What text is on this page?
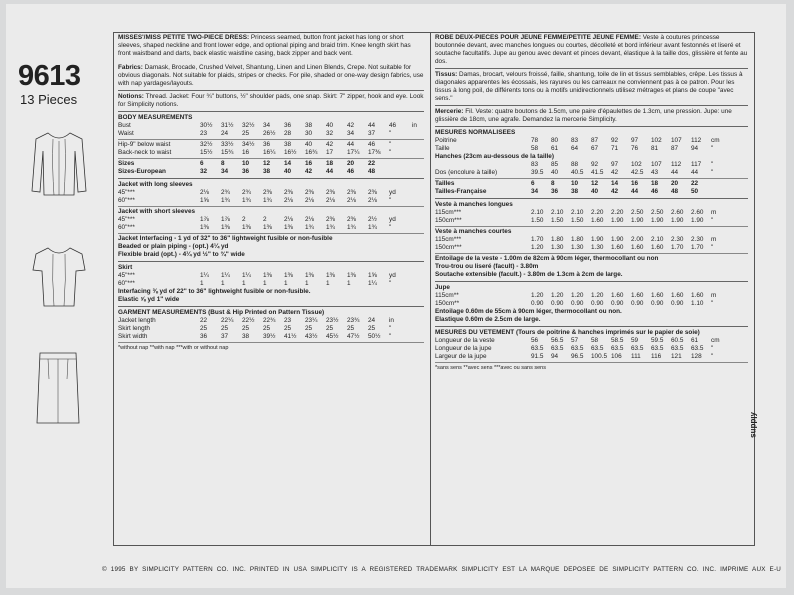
9613
13 Pieces

MISSES'/MISS PETITE TWO-PIECE DRESS: Princess seamed, button front jacket has long or short sleeves, shaped neckline and front lower edge, and optional piping and braid trim. Knee length skirt has front waistband and darts, back elastic waistline casing, back zipper and back vent.

Fabrics: Damask, Brocade, Crushed Velvet, Shantung, Linen and Linen Blends, Crepe. Not suitable for obvious diagonals. Not suitable for plaids, stripes or checks. For pile, shaded or one-way design fabrics, use with nap yardages/layouts.

Notions: Thread. Jacket: Four ¾" buttons, ½" shoulder pads, one snap. Skirt: 7" zipper, hook and eye. Look for Simplicity notions.

BODY MEASUREMENTS

Bust	30½	31½	32½	34	36	38	40	42	44	46	in
Waist	23	24	25	26½	28	30	32	34	37	"
Hip-9" below waist	32½	33½	34½	36	38	40	42	44	46	"
Back-neck to waist	15½	15¾	16	16¼	16½	16¾	17	17¼	17⅜	"
Sizes	6	8	10	12	14	16	18	20	22
Sizes-European	32	34	36	38	40	42	44	46	48

Jacket with long sleeves

45"***	2⅛	2¾	2¾	2⅜	2⅜	2⅜	2⅜	2⅜	2⅜	yd
60"***	1⅝	1¾	1¾	1¾	2⅛	2⅛	2⅛	2⅛	2⅛	"

Jacket with short sleeves

45"***	1⅞	1⅞	2	2	2⅛	2⅛	2⅜	2⅜	2½	yd
60"***	1⅜	1⅜	1⅜	1⅜	1⅜	1¾	1¾	1¾	1¾	"

Jacket Interfacing - 1 yd of 32" to 36" lightweight fusible or non-fusible

Beaded or plain piping - (opt.) 4¼ yd

Flexible braid (opt.) - 4¼ yd ½" to ¾" wide

Skirt

45"***	1¼	1¼	1¼	1⅜	1⅜	1⅜	1⅜	1⅜	1⅝	yd
60"***	1	1	1	1	1	1	1	1	1¼	"

Interfacing ⅜ yd of 22" to 36" lightweight fusible or non-fusible.

Elastic ⅝ yd 1" wide

GARMENT MEASUREMENTS (Bust & Hip Printed on Pattern Tissue)

Jacket length	22	22¼	22½	22¾	23	23¼	23½	23¾	24	in
Skirt length	25	25	25	25	25	25	25	25	25	"
Skirt width	36	37	38	39½	41½	43½	45½	47½	50½	"

*without nap **with nap ***with or without nap

ROBE DEUX-PIECES POUR JEUNE FEMME/PETITE JEUNE FEMME: Veste à coutures princesse boutonnée devant, avec manches longues ou courtes, décolleté et bord inférieur avant festonnés et liseré et soutache facultatifs. Jupe au genou avec devant et pinces devant, élastique à la taille dos, glissière et fente au dos.

Tissus: Damas, brocart, velours froissé, faille, shantung, toile de lin et tissus semblables, crêpe. Les tissus à diagonales apparentes les écossais, les rayures ou les carreaux ne conviennent pas à ce patron. Pour les tissus à long poil, de différents tons ou à motifs unidirectionnels utilisez métrages et plans de coupe "avec sens."

Mercerie: Fil. Veste: quatre boutons de 1.5cm, une paire d'épaulettes de 1.3cm, une pression. Jupe: une glissière de 18cm, une agrafe. Demandez la mercerie Simplicity.

MESURES NORMALISEES

Poitrine	78	80	83	87	92	97	102	107	112	cm
Taille	58	61	64	67	71	76	81	87	94	"

Hanches (23cm au-dessous de la taille)

83	85	88	92	97	102	107	112	117	"
Dos (encolure à taille)	39.5	40	40.5	41.5	42	42.5	43	44	44	"
Tailles	6	8	10	12	14	16	18	20	22
Tailles-Française	34	36	38	40	42	44	46	48	50

Veste à manches longues

115cm***	2.10	2.10	2.10	2.20	2.20	2.50	2.50	2.60	2.60	m
150cm***	1.50	1.50	1.50	1.60	1.90	1.90	1.90	1.90	1.90	"

Veste à manches courtes

115cm***	1.70	1.80	1.80	1.90	1.90	2.00	2.10	2.30	2.30	m
150cm***	1.20	1.30	1.30	1.30	1.60	1.60	1.60	1.70	1.70	"

Entoilage de la veste - 1.00m de 82cm à 90cm léger, thermocollant ou non

Trou-trou ou liseré (facult) - 3.80m

Soutache extensible (facult.) - 3.80m de 1.3cm à 2cm de large.

Jupe

115cm**	1.20	1.20	1.20	1.20	1.60	1.60	1.60	1.60	1.60	m
150cm**	0.90	0.90	0.90	0.90	0.90	0.90	0.90	0.90	1.10	"

Entoilage 0.60m de 55cm à 90cm léger, thermocollant ou non.

Elastique 0.60m de 2.5cm de large.

MESURES DU VETEMENT (Tours de poitrine & hanches imprimés sur le papier de soie)

Longueur de la veste	56	56.5	57	58	58.5	59	59.5	60.5	61	cm
Longueur de la jupe	63.5	63.5	63.5	63.5	63.5	63.5	63.5	63.5	63.5	"
Largeur de la jupe	91.5	94	96.5	100.5 106	111	116	121	128	"

*sans sens **avec sens ***avec ou sans sens

© 1995 BY SIMPLICITY PATTERN CO. INC. PRINTED IN USA SIMPLICITY IS A REGISTERED TRADEMARK SIMPLICITY EST LA MARQUE DEPOSEE DE SIMPLICITY PATTERN CO. INC. IMPRIME AUX E-U
ʎlddns
